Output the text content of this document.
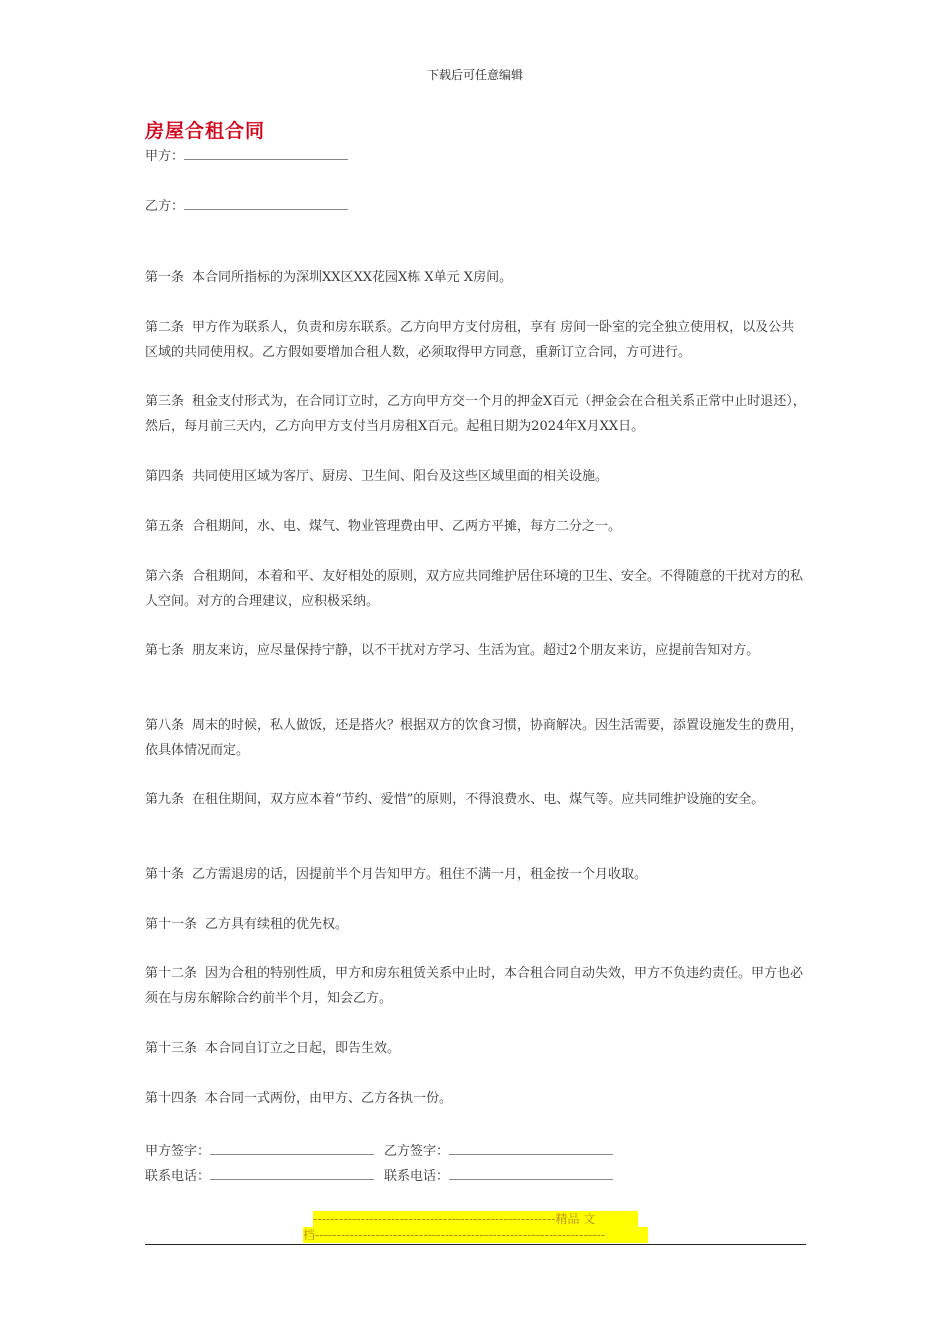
下载后可任意编辑
房屋合租合同
甲方：
乙方：
第一条 本合同所指标的为深圳XX区XX花园X栋 X单元 X房间。
第二条 甲方作为联系人，负责和房东联系。乙方向甲方支付房租，享有 房间一卧室的完全独立使用权，以及公共区域的共同使用权。乙方假如要增加合租人数，必须取得甲方同意，重新订立合同，方可进行。
第三条 租金支付形式为，在合同订立时，乙方向甲方交一个月的押金X百元（押金会在合租关系正常中止时退还），然后，每月前三天内，乙方向甲方支付当月房租X百元。起租日期为2024年X月XX日。
第四条 共同使用区域为客厅、厨房、卫生间、阳台及这些区域里面的相关设施。
第五条 合租期间，水、电、煤气、物业管理费由甲、乙两方平摊，每方二分之一。
第六条 合租期间，本着和平、友好相处的原则，双方应共同维护居住环境的卫生、安全。不得随意的干扰对方的私人空间。对方的合理建议，应积极采纳。
第七条 朋友来访，应尽量保持宁静，以不干扰对方学习、生活为宜。超过2个朋友来访，应提前告知对方。
第八条 周末的时候，私人做饭，还是搭火？根据双方的饮食习惯，协商解决。因生活需要，添置设施发生的费用，依具体情况而定。
第九条 在租住期间，双方应本着“节约、爱惜”的原则，不得浪费水、电、煤气等。应共同维护设施的安全。
第十条 乙方需退房的话，因提前半个月告知甲方。租住不满一月，租金按一个月收取。
第十一条 乙方具有续租的优先权。
第十二条 因为合租的特别性质，甲方和房东租赁关系中止时，本合租合同自动失效，甲方不负违约责任。甲方也必须在与房东解除合约前半个月，知会乙方。
第十三条 本合同自订立之日起，即告生效。
第十四条 本合同一式两份，由甲方、乙方各执一份。
甲方签字：	乙方签字：
联系电话：	联系电话：
--------------------------------------------------------精品 文
档-------------------------------------------------------------------
